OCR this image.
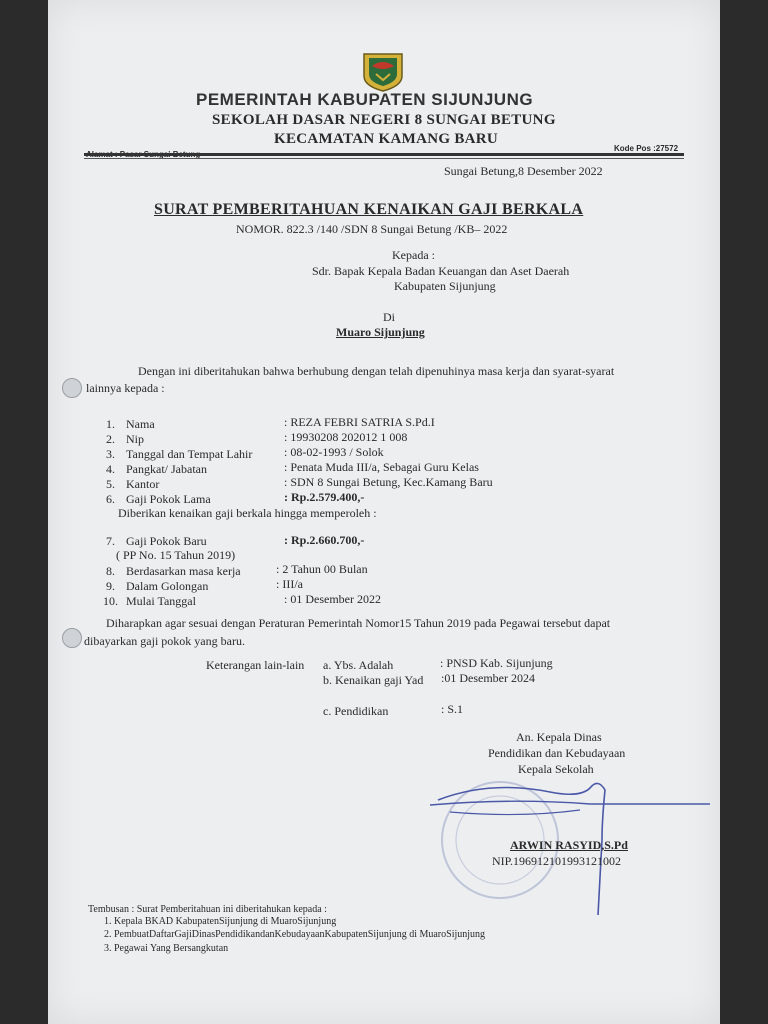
PEMERINTAH KABUPATEN SIJUNJUNG
SEKOLAH DASAR NEGERI 8 SUNGAI BETUNG
KECAMATAN KAMANG BARU
Kode Pos :27572
Sungai Betung,8 Desember 2022
SURAT PEMBERITAHUAN KENAIKAN GAJI BERKALA
NOMOR. 822.3 /140 /SDN 8 Sungai Betung /KB– 2022
Kepada :
Sdr. Bapak Kepala Badan Keuangan dan Aset Daerah
Kabupaten Sijunjung
Di
Muaro Sijunjung
Dengan ini diberitahukan bahwa berhubung dengan telah dipenuhinya masa kerja dan syarat-syarat
lainnya kepada :
1. Nama	: REZA FEBRI SATRIA S.Pd.I
2. Nip	: 19930208 202012 1 008
3. Tanggal dan Tempat Lahir	: 08-02-1993 / Solok
4. Pangkat/ Jabatan	: Penata Muda III/a, Sebagai Guru Kelas
5. Kantor	: SDN 8 Sungai Betung, Kec.Kamang Baru
6. Gaji Pokok Lama	: Rp.2.579.400,-
Diberikan kenaikan gaji berkala hingga memperoleh :
7. Gaji Pokok Baru	: Rp.2.660.700,-
( PP No. 15 Tahun 2019)
8. Berdasarkan masa kerja	: 2 Tahun 00 Bulan
9. Dalam Golongan	: III/a
10. Mulai Tanggal	: 01 Desember 2022
Diharapkan agar sesuai dengan Peraturan Pemerintah Nomor15 Tahun 2019 pada Pegawai tersebut dapat
dibayarkan gaji pokok yang baru.
Keterangan lain-lain a. Ybs. Adalah	: PNSD Kab. Sijunjung
b. Kenaikan gaji Yad :01 Desember 2024
c. Pendidikan	: S.1
An. Kepala Dinas
Pendidikan dan Kebudayaan
Kepala Sekolah
ARWIN RASYID,S.Pd
NIP.196912101993121002
Tembusan : Surat Pemberitahuan ini diberitahukan kepada :
1. Kepala BKAD KabupatenSijunjung di MuaroSijunjung
2. PembuatDaftarGajiDinasPendidikandanKebudayaanKabupatenSijunjung di MuaroSijunjung
3. Pegawai Yang Bersangkutan
